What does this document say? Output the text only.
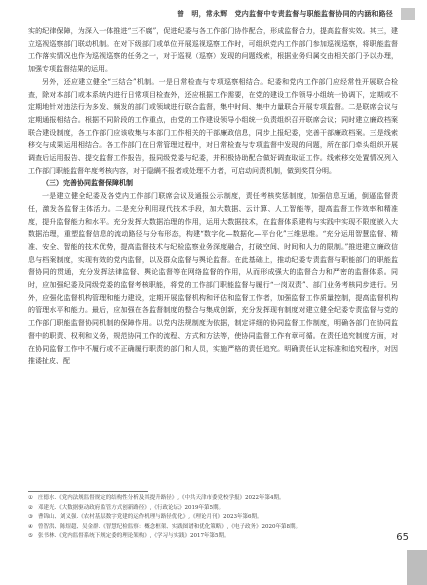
曾　明，常永辉　党内监督中专责监督与职能监督协同的内涵和路径

实的纪律保障，为深入一体推进“三不腐”，促进纪委与各工作部门协作配合，形成监督合力，提高监督实效。其三，建立巡视巡察部门联动机制。在对下级部门或单位开展巡视巡察工作时，可组织党内工作部门参加巡视巡察，将职能监督工作落实情况也作为巡视巡察的任务之一，对于巡视（巡察）发现的问题线索，根据业务归属交由相关部门予以办理，加强专项监督结果的运用。

另外，还应建立健全“三结合”机制。一是日常检查与专项巡察相结合。纪委和党内工作部门应经常性开展联合检查，除对本部门或本系统内进行日常项目检查外，还应根据工作需要，在党的建设工作领导小组统一协调下，定期或不定期地针对违法行为多发、频发的部门或领域进行联合监督，集中时间、集中力量联合开展专项监督。二是联席会议与定期通报相结合。根据不同阶段的工作重点，由党的工作建设领导小组统一负责组织召开联席会议；同时建立廉政档案联合建设制度，各工作部门应该收集与本部门工作相关的干部廉政信息，同步上报纪委，完善干部廉政档案。三是线索移交与成果运用相结合。各工作部门在日常管理过程中，对日常检查与专项监督中发现的问题，所在部门牵头组织开展调查后运用报告、提交监督工作报告，报同级党委与纪委，并积极协助配合做好调查取证工作。线索移交处置情况列入工作部门职能监督年度考核内容，对于隐瞒不报者或处理不力者，可启动问责机制，做到奖罚分明。

（三）完善协同监督保障机制

一是建立健全纪委及各党内工作部门联席会议及通报公示制度，责任考核奖惩制度，加强信息互通，倒逼监督责任，激发各监督主体活力。二是充分利用现代技术手段，加大数据、云计算、人工智能等，提高监督工作效率和精准度，提升监督能力和水平。充分发挥大数据治理的作用，运用大数据技术，在监督体系建构与实践中实现不限度嵌入大数据治理，重塑监督信息的流动路径与分布形态，构建“数字化—数据化—平台化”三维思维。“充分运用智慧监督、精准、安全、智能的技术优势，提高监督技术与纪检监察业务深度融合，打破空间、时间和人力的限制。”推进建立廉政信息与档案制度，实现有效的党内监督，以及群众监督与舆论监督。在此基础上，推动纪委专责监督与职能部门的职能监督协同的贯通，充分发挥法律监督、舆论监督等在网络监督的作用，从而形成强大的监督合力和严密的监督体系。同时，应加强纪委及同级党委的监督考核职能，将党的工作部门职能监督与履行“一岗双责”、部门业务考核同步进行。另外，应强化监督机构管理和能力建设，定期开展监督机构和评估和监督工作者，加强监督工作质量控制，提高监督机构的管理水平和能力。最后，应加强在各监督制度的整合与集成创新，充分发挥现有制度对建立健全纪委专责监督与党的工作部门职能监督协同机制的保障作用。以党内法规制度为依据，制定详细的协同监督工作制度，明确各部门在协同监督中的职责、权利和义务，规范协同工作的流程、方式和方法等，使协同监督工作有章可循。在责任追究制度方面，对在协同监督工作中不履行或不正确履行职责的部门和人员，实施严格的责任追究。明确责任认定标准和追究程序，对因推诿扯皮、配

① 庄德水.《党内法规监督规定的结构性分析及其提升路径》,《中共天津市委党校学报》2022年第4期。
② 邓建光.《大数据驱动政府监管方式创新路径》,《行政论坛》2019年第5期。
③ 曹锦山、刘义强.《农村基层数字党建的运作机理与路径优化》,《理论月刊》2023年第6期。
④ 曾智洪、陈煜超、吴金群.《智慧纪检监察：概念框架、实践图谱和优化策略》,《电子政务》2020年第8期。
⑤ 张书林.《党内监督系统下规定委的理论架构》,《学习与实践》2017年第5期。	65
